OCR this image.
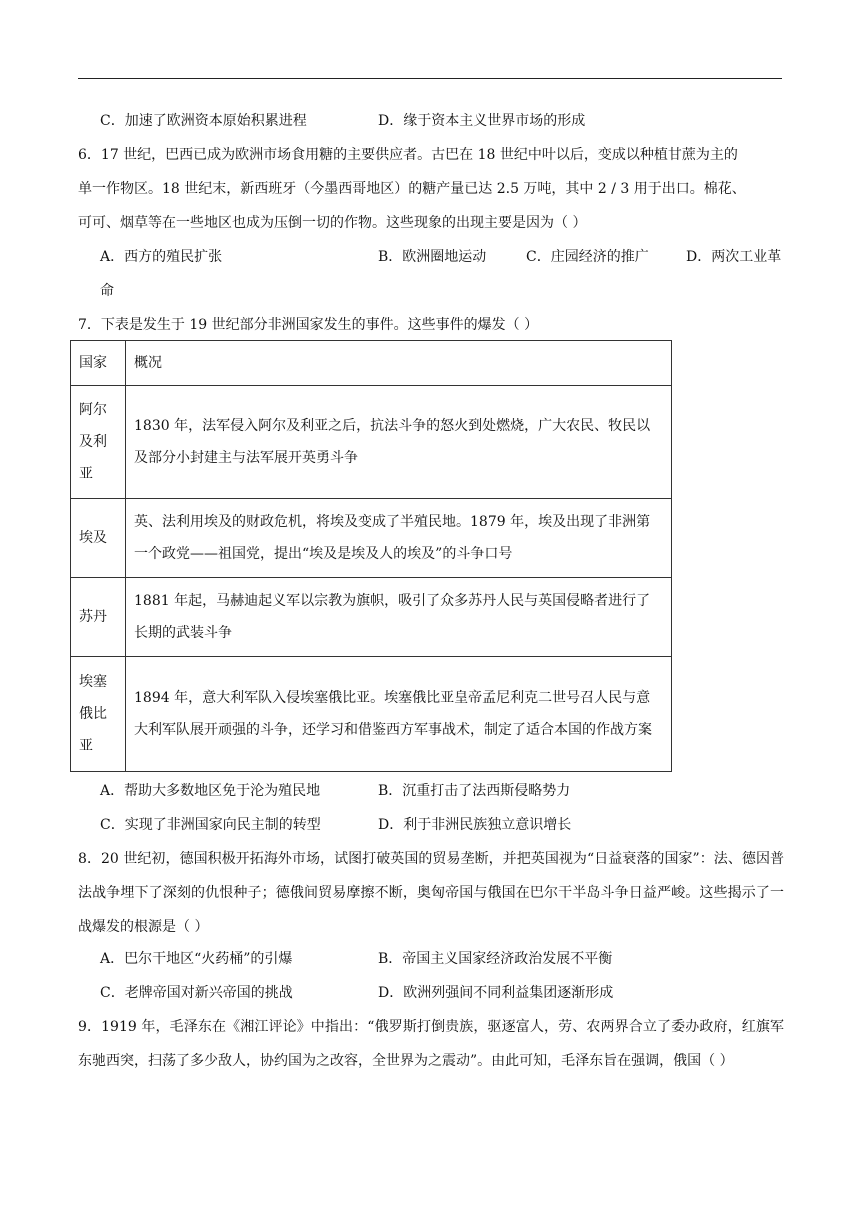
C．加速了欧洲资本原始积累进程	D．缘于资本主义世界市场的形成
6．17 世纪，巴西已成为欧洲市场食用糖的主要供应者。古巴在 18 世纪中叶以后，变成以种植甘蔗为主的
单一作物区。18 世纪末，新西班牙（今墨西哥地区）的糖产量已达 2.5 万吨，其中 2 / 3 用于出口。棉花、
可可、烟草等在一些地区也成为压倒一切的作物。这些现象的出现主要是因为（ ）
A．西方的殖民扩张	B．欧洲圈地运动	C．庄园经济的推广	D．两次工业革
命
7．下表是发生于 19 世纪部分非洲国家发生的事件。这些事件的爆发（ ）
国家	概况
阿尔及利亚	1830 年，法军侵入阿尔及利亚之后，抗法斗争的怒火到处燃烧，广大农民、牧民以及部分小封建主与法军展开英勇斗争
埃及	英、法利用埃及的财政危机，将埃及变成了半殖民地。1879 年，埃及出现了非洲第一个政党——祖国党，提出“埃及是埃及人的埃及”的斗争口号
苏丹	1881 年起，马赫迪起义军以宗教为旗帜，吸引了众多苏丹人民与英国侵略者进行了长期的武装斗争
埃塞俄比亚	1894 年，意大利军队入侵埃塞俄比亚。埃塞俄比亚皇帝孟尼利克二世号召人民与意大利军队展开顽强的斗争，还学习和借鉴西方军事战术，制定了适合本国的作战方案
A．帮助大多数地区免于沦为殖民地	B．沉重打击了法西斯侵略势力
C．实现了非洲国家向民主制的转型	D．利于非洲民族独立意识增长
8．20 世纪初，德国积极开拓海外市场，试图打破英国的贸易垄断，并把英国视为“日益衰落的国家”：法、德因普法战争埋下了深刻的仇恨种子；德俄间贸易摩擦不断，奥匈帝国与俄国在巴尔干半岛斗争日益严峻。这些揭示了一战爆发的根源是（ ）
A．巴尔干地区“火药桶”的引爆	B．帝国主义国家经济政治发展不平衡
C．老牌帝国对新兴帝国的挑战	D．欧洲列强间不同利益集团逐渐形成
9．1919 年，毛泽东在《湘江评论》中指出：“俄罗斯打倒贵族，驱逐富人，劳、农两界合立了委办政府，红旗军东驰西突，扫荡了多少敌人，协约国为之改容，全世界为之震动”。由此可知，毛泽东旨在强调，俄国（ ）
